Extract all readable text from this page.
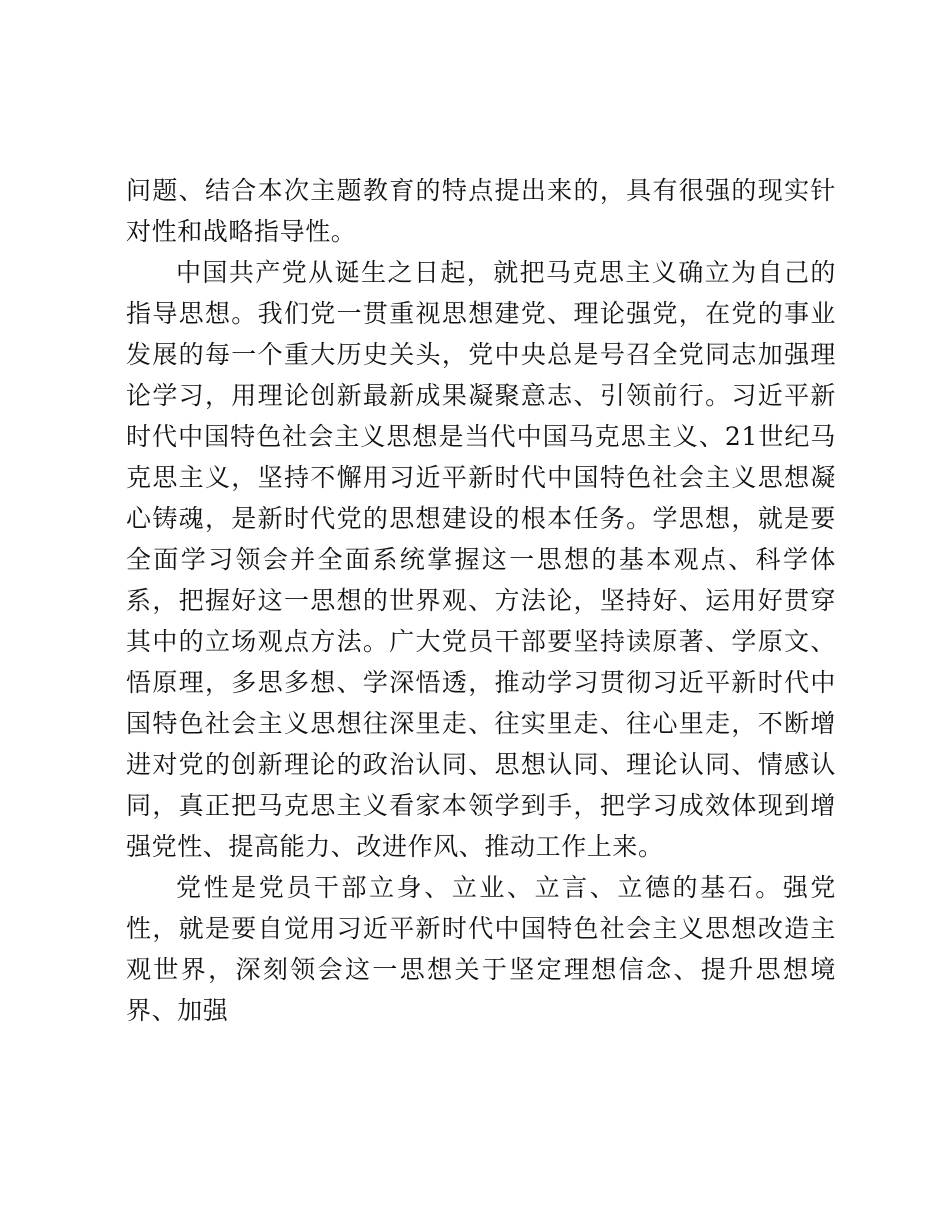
问题、结合本次主题教育的特点提出来的，具有很强的现实针对性和战略指导性。

中国共产党从诞生之日起，就把马克思主义确立为自己的指导思想。我们党一贯重视思想建党、理论强党，在党的事业发展的每一个重大历史关头，党中央总是号召全党同志加强理论学习，用理论创新最新成果凝聚意志、引领前行。习近平新时代中国特色社会主义思想是当代中国马克思主义、21世纪马克思主义，坚持不懈用习近平新时代中国特色社会主义思想凝心铸魂，是新时代党的思想建设的根本任务。学思想，就是要全面学习领会并全面系统掌握这一思想的基本观点、科学体系，把握好这一思想的世界观、方法论，坚持好、运用好贯穿其中的立场观点方法。广大党员干部要坚持读原著、学原文、悟原理，多思多想、学深悟透，推动学习贯彻习近平新时代中国特色社会主义思想往深里走、往实里走、往心里走，不断增进对党的创新理论的政治认同、思想认同、理论认同、情感认同，真正把马克思主义看家本领学到手，把学习成效体现到增强党性、提高能力、改进作风、推动工作上来。

党性是党员干部立身、立业、立言、立德的基石。强党性，就是要自觉用习近平新时代中国特色社会主义思想改造主观世界，深刻领会这一思想关于坚定理想信念、提升思想境界、加强
